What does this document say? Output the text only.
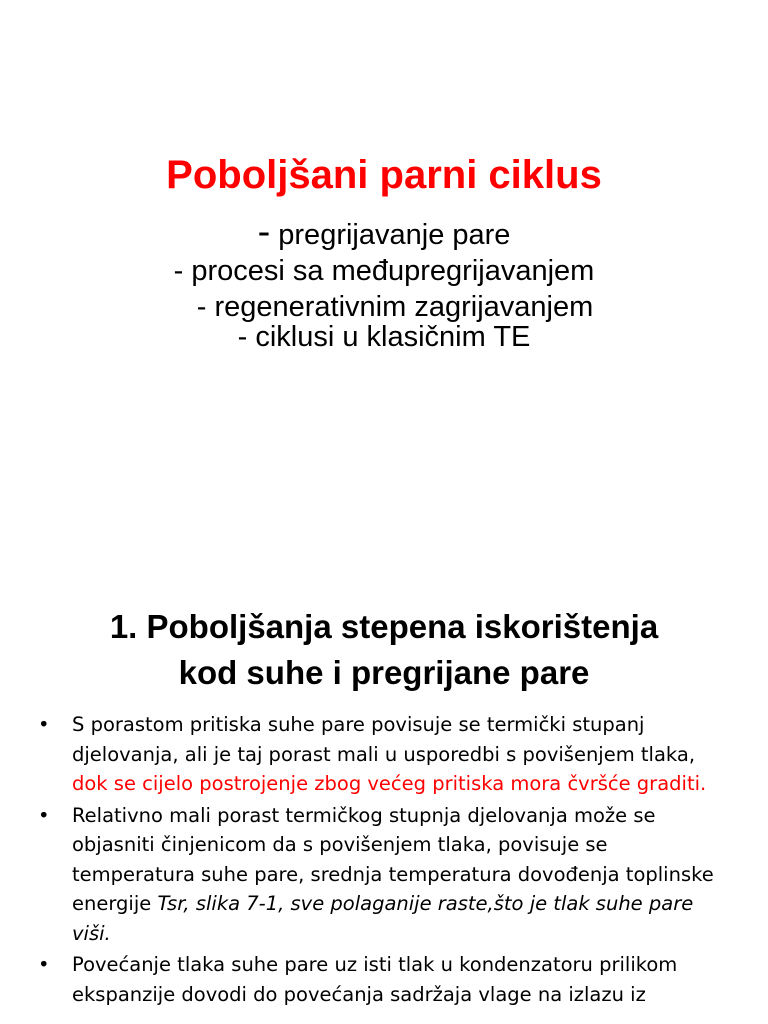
Poboljšani parni ciklus

- pregrijavanje pare

- procesi sa međupregrijavanjem

- regenerativnim zagrijavanjem

- ciklusi u klasičnim TE

1. Poboljšanja stepena iskorištenja
kod suhe i pregrijane pare
• S porastom pritiska suhe pare povisuje se termički stupanj djelovanja, ali je taj porast mali u usporedbi s povišenjem tlaka, dok se cijelo postrojenje zbog većeg pritiska mora čvršće graditi.
• Relativno mali porast termičkog stupnja djelovanja može se objasniti činjenicom da s povišenjem tlaka, povisuje se temperatura suhe pare, srednja temperatura dovođenja toplinske energije Tsr, slika 7-1, sve polaganije raste,što je tlak suhe pare viši.
• Povećanje tlaka suhe pare uz isti tlak u kondenzatoru prilikom ekspanzije dovodi do povećanja sadržaja vlage na izlazu iz
